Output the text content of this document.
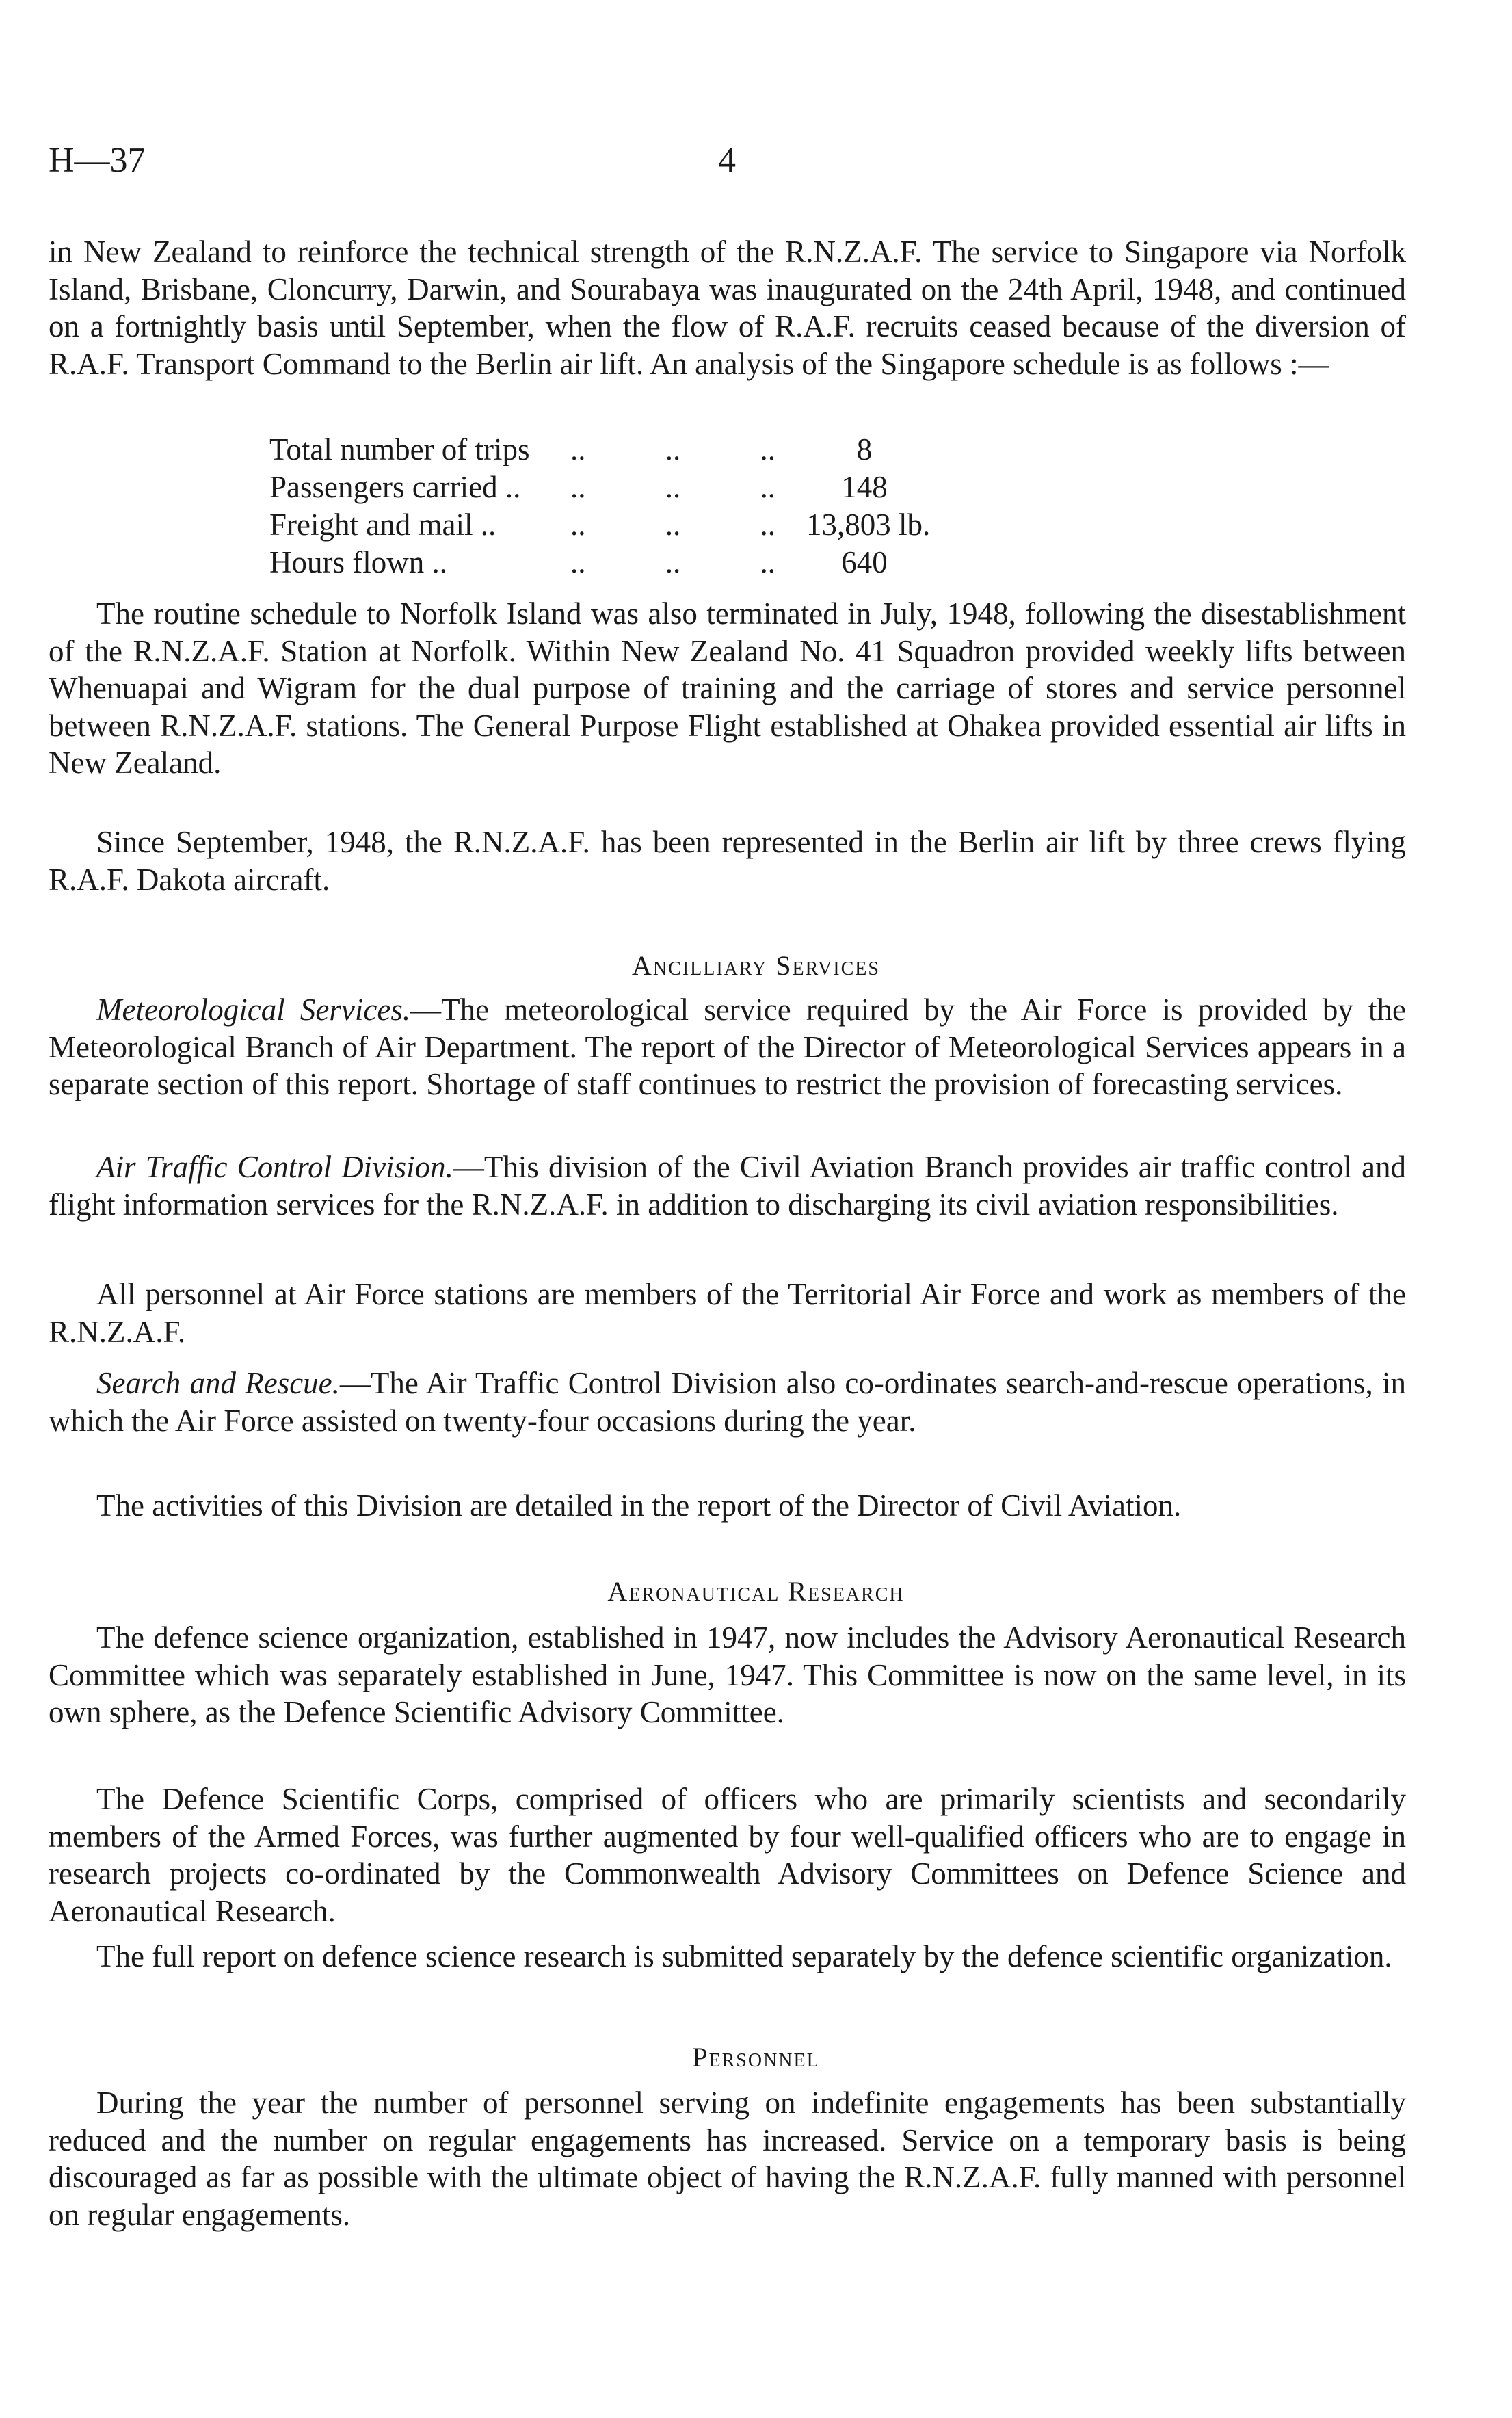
H—37	4
in New Zealand to reinforce the technical strength of the R.N.Z.A.F. The service to Singapore via Norfolk Island, Brisbane, Cloncurry, Darwin, and Sourabaya was inaugurated on the 24th April, 1948, and continued on a fortnightly basis until September, when the flow of R.A.F. recruits ceased because of the diversion of R.A.F. Transport Command to the Berlin air lift. An analysis of the Singapore schedule is as follows :—
Total number of trips	..	..	..	8
Passengers carried ..	..	..	..	148
Freight and mail ..	..	..	..	13,803 lb.
Hours flown ..	..	..	..	640
The routine schedule to Norfolk Island was also terminated in July, 1948, following the disestablishment of the R.N.Z.A.F. Station at Norfolk. Within New Zealand No. 41 Squadron provided weekly lifts between Whenuapai and Wigram for the dual purpose of training and the carriage of stores and service personnel between R.N.Z.A.F. stations. The General Purpose Flight established at Ohakea provided essential air lifts in New Zealand.
Since September, 1948, the R.N.Z.A.F. has been represented in the Berlin air lift by three crews flying R.A.F. Dakota aircraft.
Ancilliary Services
Meteorological Services.—The meteorological service required by the Air Force is provided by the Meteorological Branch of Air Department. The report of the Director of Meteorological Services appears in a separate section of this report. Shortage of staff continues to restrict the provision of forecasting services.
Air Traffic Control Division.—This division of the Civil Aviation Branch provides air traffic control and flight information services for the R.N.Z.A.F. in addition to discharging its civil aviation responsibilities.
All personnel at Air Force stations are members of the Territorial Air Force and work as members of the R.N.Z.A.F.
Search and Rescue.—The Air Traffic Control Division also co-ordinates search-and-rescue operations, in which the Air Force assisted on twenty-four occasions during the year.
The activities of this Division are detailed in the report of the Director of Civil Aviation.
Aeronautical Research
The defence science organization, established in 1947, now includes the Advisory Aeronautical Research Committee which was separately established in June, 1947. This Committee is now on the same level, in its own sphere, as the Defence Scientific Advisory Committee.
The Defence Scientific Corps, comprised of officers who are primarily scientists and secondarily members of the Armed Forces, was further augmented by four well-qualified officers who are to engage in research projects co-ordinated by the Commonwealth Advisory Committees on Defence Science and Aeronautical Research.
The full report on defence science research is submitted separately by the defence scientific organization.
Personnel
During the year the number of personnel serving on indefinite engagements has been substantially reduced and the number on regular engagements has increased. Service on a temporary basis is being discouraged as far as possible with the ultimate object of having the R.N.Z.A.F. fully manned with personnel on regular engagements.
